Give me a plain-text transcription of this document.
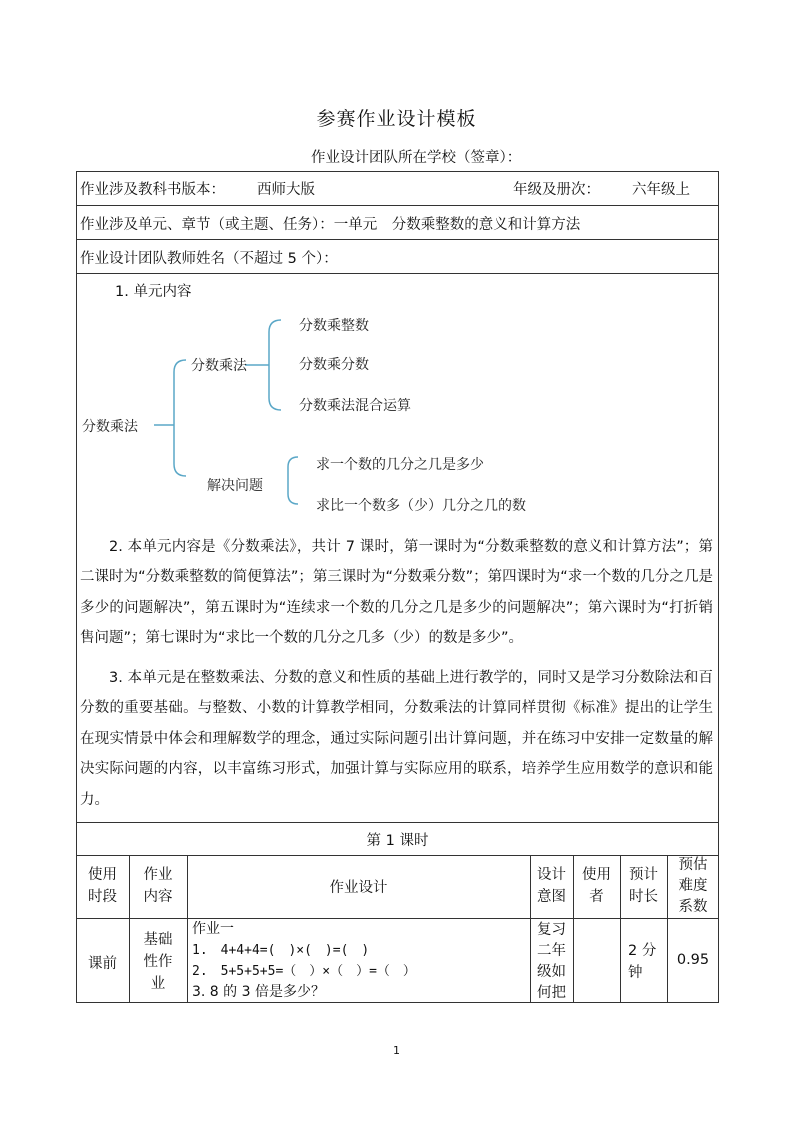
参赛作业设计模板
作业设计团队所在学校（签章）：
作业涉及教科书版本： 西师大版	年级及册次： 六年级上
作业涉及单元、章节（或主题、任务）：一单元　分数乘整数的意义和计算方法
作业设计团队教师姓名（不超过 5 个）：
1. 单元内容
分数乘法
分数乘法
分数乘整数
分数乘分数
分数乘法混合运算
解决问题
求一个数的几分之几是多少
求比一个数多（少）几分之几的数
2. 本单元内容是《分数乘法》，共计 7 课时，第一课时为“分数乘整数的意义和计算方法”；第二课时为“分数乘整数的简便算法”；第三课时为“分数乘分数”；第四课时为“求一个数的几分之几是多少的问题解决”，第五课时为“连续求一个数的几分之几是多少的问题解决”；第六课时为“打折销售问题”；第七课时为“求比一个数的几分之几多（少）的数是多少”。
3. 本单元是在整数乘法、分数的意义和性质的基础上进行教学的，同时又是学习分数除法和百分数的重要基础。与整数、小数的计算教学相同，分数乘法的计算同样贯彻《标准》提出的让学生在现实情景中体会和理解数学的理念，通过实际问题引出计算问题，并在练习中安排一定数量的解决实际问题的内容，以丰富练习形式，加强计算与实际应用的联系，培养学生应用数学的意识和能力。
第 1 课时
使用
时段
作业
内容
作业设计
设计
意图
使用
者
预计
时长
预估
难度
系数
课前
基础
性作
业
作业一
1.　4+4+4=(　)×(　)=(　)
2.　5+5+5+5=（　）×（　）=（　）
3. 8 的 3 倍是多少？
复习
二年
级如
何把
2 分
钟
0.95
1
